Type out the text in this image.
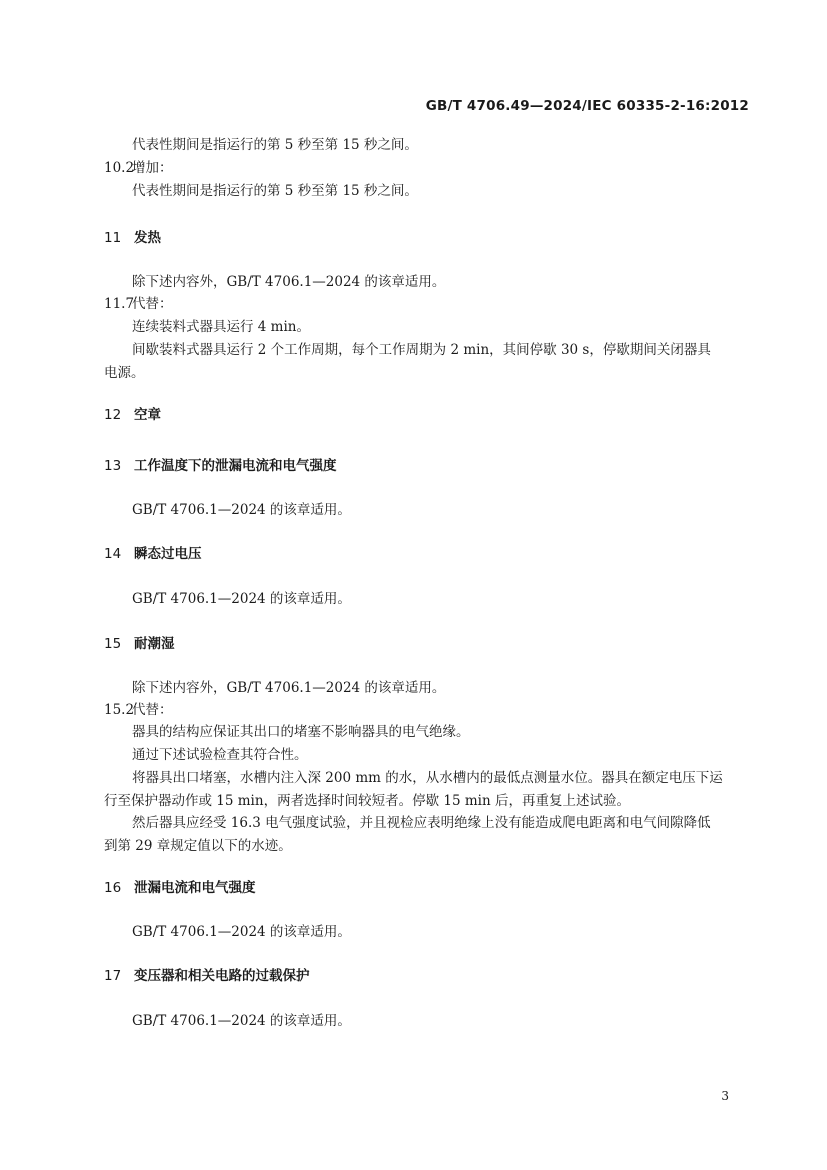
GB/T 4706.49—2024/IEC 60335-2-16:2012
代表性期间是指运行的第 5 秒至第 15 秒之间。
10.2增加：
代表性期间是指运行的第 5 秒至第 15 秒之间。
11 发热
除下述内容外，GB/T 4706.1—2024 的该章适用。
11.7代替：
连续装料式器具运行 4 min。
间歇装料式器具运行 2 个工作周期，每个工作周期为 2 min，其间停歇 30 s，停歇期间关闭器具
电源。
12 空章
13 工作温度下的泄漏电流和电气强度
GB/T 4706.1—2024 的该章适用。
14 瞬态过电压
GB/T 4706.1—2024 的该章适用。
15 耐潮湿
除下述内容外，GB/T 4706.1—2024 的该章适用。
15.2代替：
器具的结构应保证其出口的堵塞不影响器具的电气绝缘。
通过下述试验检查其符合性。
将器具出口堵塞，水槽内注入深 200 mm 的水，从水槽内的最低点测量水位。器具在额定电压下运
行至保护器动作或 15 min，两者选择时间较短者。停歇 15 min 后，再重复上述试验。
然后器具应经受 16.3 电气强度试验，并且视检应表明绝缘上没有能造成爬电距离和电气间隙降低
到第 29 章规定值以下的水迹。
16 泄漏电流和电气强度
GB/T 4706.1—2024 的该章适用。
17 变压器和相关电路的过载保护
GB/T 4706.1—2024 的该章适用。
3
